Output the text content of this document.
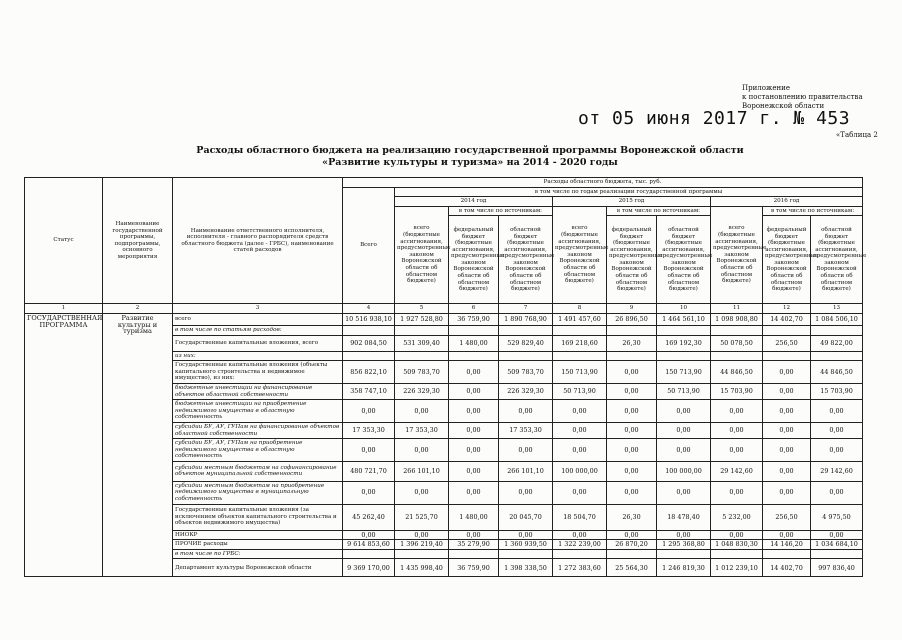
Приложение
к постановлению правительства
Воронежской области
от 05 июня 2017 г. № 453
«Таблица 2
Расходы областного бюджета на реализацию государственной программы Воронежской области
«Развитие культуры и туризма» на 2014 - 2020 годы
Статус	Наименование государственной программы, подпрограммы, основного мероприятия	Наименование ответственного исполнителя, исполнителя - главного распорядителя средств областного бюджета (далее - ГРБС), наименование статей расходов	Расходы областного бюджета, тыс. руб.									
			Всего	в том числе по годам реализации государственной программы								
				2014 год			2015 год			2016 год		
				всего (бюджетные ассигнования, предусмотренные законом Воронежской области об областном бюджете)	в том числе по источникам:		всего (бюджетные ассигнования, предусмотренные законом Воронежской области об областном бюджете)	в том числе по источникам:		всего (бюджетные ассигнования, предусмотренные законом Воронежской области об областном бюджете)	в том числе по источникам:	
					федеральный бюджет (бюджетные ассигнования, предусмотренные законом Воронежской области об областном бюджете)	областной бюджет (бюджетные ассигнования, предусмотренные законом Воронежской области об областном бюджете)		федеральный бюджет (бюджетные ассигнования, предусмотренные законом Воронежской области об областном бюджете)	областной бюджет (бюджетные ассигнования, предусмотренные законом Воронежской области об областном бюджете)		федеральный бюджет (бюджетные ассигнования, предусмотренные законом Воронежской области об областном бюджете)	областной бюджет (бюджетные ассигнования, предусмотренные законом Воронежской области об областном бюджете)
1	2	3	4	5	6	7	8	9	10	11	12	13
ГОСУДАРСТВЕННАЯ ПРОГРАММА	Развитие культуры и туризма	всего	10 516 938,10	1 927 528,80	36 759,90	1 890 768,90	1 491 457,60	26 896,50	1 464 561,10	1 098 908,80	14 402,70	1 084 506,10
		в том числе по статьям расходов:										
		Государственные капитальные вложения, всего	902 084,50	531 309,40	1 480,00	529 829,40	169 218,60	26,30	169 192,30	50 078,50	256,50	49 822,00
		из них:										
		Государственные капитальные вложения (объекты капитального строительства и недвижимое имущество), из них:	856 822,10	509 783,70	0,00	509 783,70	150 713,90	0,00	150 713,90	44 846,50	0,00	44 846,50
		бюджетные инвестиции на финансирование объектов областной собственности	358 747,10	226 329,30	0,00	226 329,30	50 713,90	0,00	50 713,90	15 703,90	0,00	15 703,90
		бюджетные инвестиции на приобретение недвижимого имущества в областную собственность	0,00	0,00	0,00	0,00	0,00	0,00	0,00	0,00	0,00	0,00
		субсидии БУ, АУ, ГУПам на финансирование объектов областной собственности	17 353,30	17 353,30	0,00	17 353,30	0,00	0,00	0,00	0,00	0,00	0,00
		субсидии БУ, АУ, ГУПам на приобретение недвижимого имущества в областную собственность	0,00	0,00	0,00	0,00	0,00	0,00	0,00	0,00	0,00	0,00
		субсидии местным бюджетам на софинансирование объектов муниципальной собственности	480 721,70	266 101,10	0,00	266 101,10	100 000,00	0,00	100 000,00	29 142,60	0,00	29 142,60
		субсидии местным бюджетам на приобретение недвижимого имущества в муниципальную собственность	0,00	0,00	0,00	0,00	0,00	0,00	0,00	0,00	0,00	0,00
		Государственные капитальные вложения (за исключением объектов капитального строительства и объектов недвижимого имущества)	45 262,40	21 525,70	1 480,00	20 045,70	18 504,70	26,30	18 478,40	5 232,00	256,50	4 975,50
		НИОКР	0,00	0,00	0,00	0,00	0,00	0,00	0,00	0,00	0,00	0,00
		ПРОЧИЕ расходы	9 614 853,60	1 396 219,40	35 279,90	1 360 939,50	1 322 239,00	26 870,20	1 295 368,80	1 048 830,30	14 146,20	1 034 684,10
		в том числе по ГРБС:										
		Департамент культуры Воронежской области	9 369 170,00	1 435 998,40	36 759,90	1 398 338,50	1 272 383,60	25 564,30	1 246 819,30	1 012 239,10	14 402,70	997 836,40
